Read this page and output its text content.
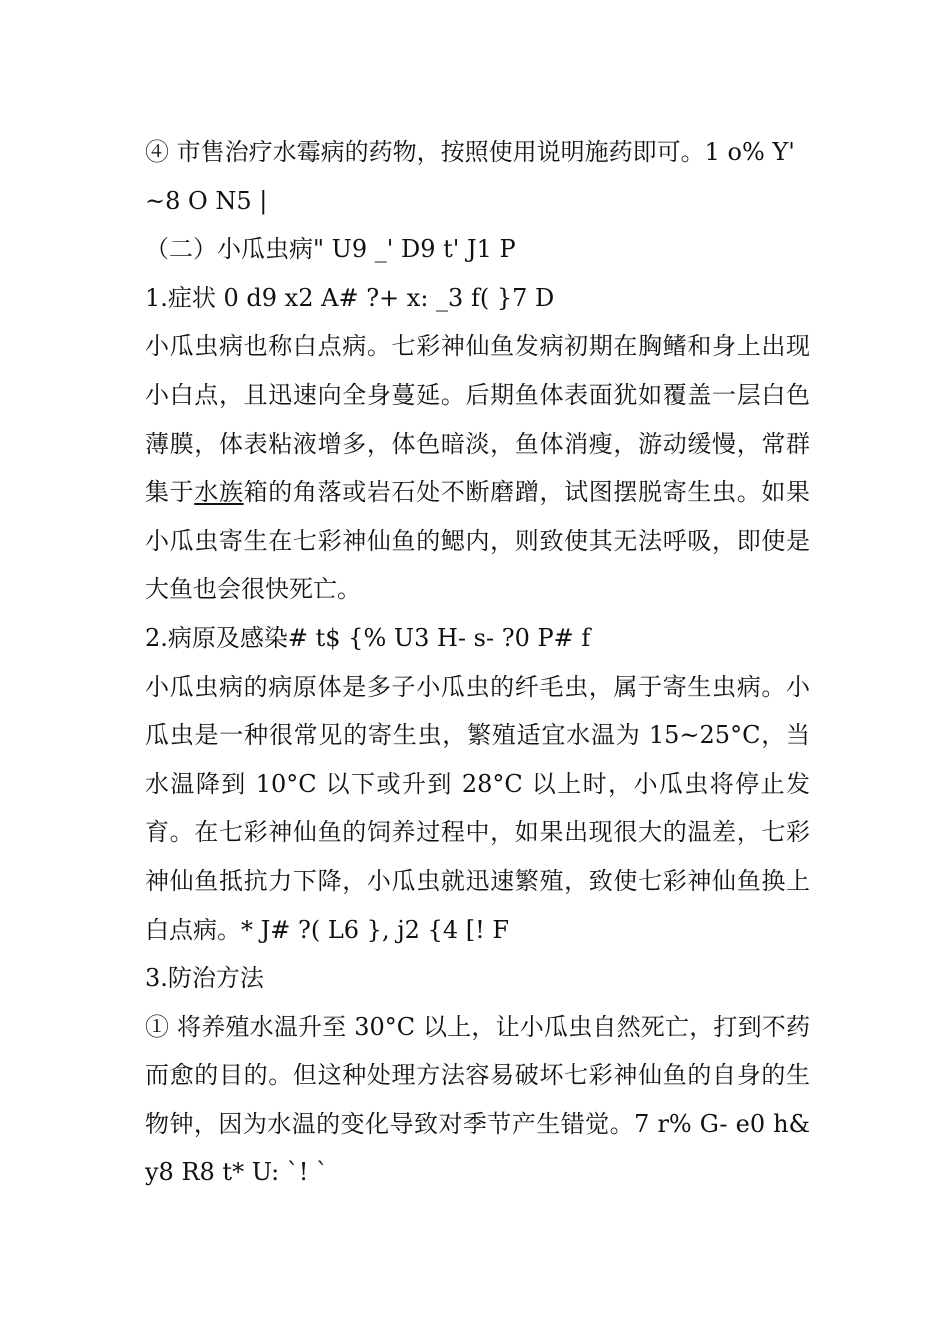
④ 市售治疗水霉病的药物，按照使用说明施药即可。1 o% Y'

~8 O N5 |

（二）小瓜虫病" U9 _' D9 t' J1 P

1.症状 0 d9 x2 A# ?+ x: _3 f( }7 D

小瓜虫病也称白点病。七彩神仙鱼发病初期在胸鳍和身上出现小白点，且迅速向全身蔓延。后期鱼体表面犹如覆盖一层白色薄膜，体表粘液增多，体色暗淡，鱼体消瘦，游动缓慢，常群集于水族箱的角落或岩石处不断磨蹭，试图摆脱寄生虫。如果小瓜虫寄生在七彩神仙鱼的鳃内，则致使其无法呼吸，即使是大鱼也会很快死亡。

2.病原及感染# t$ {% U3 H- s- ?0 P# f

小瓜虫病的病原体是多子小瓜虫的纤毛虫，属于寄生虫病。小瓜虫是一种很常见的寄生虫，繁殖适宜水温为 15~25°C，当水温降到 10°C 以下或升到 28°C 以上时，小瓜虫将停止发育。在七彩神仙鱼的饲养过程中，如果出现很大的温差，七彩神仙鱼抵抗力下降，小瓜虫就迅速繁殖，致使七彩神仙鱼换上白点病。* J# ?( L6 }, j2 {4 [! F

3.防治方法

① 将养殖水温升至 30°C 以上，让小瓜虫自然死亡，打到不药而愈的目的。但这种处理方法容易破坏七彩神仙鱼的自身的生物钟，因为水温的变化导致对季节产生错觉。7 r% G- e0 h& y8 R8 t* U: `! `
